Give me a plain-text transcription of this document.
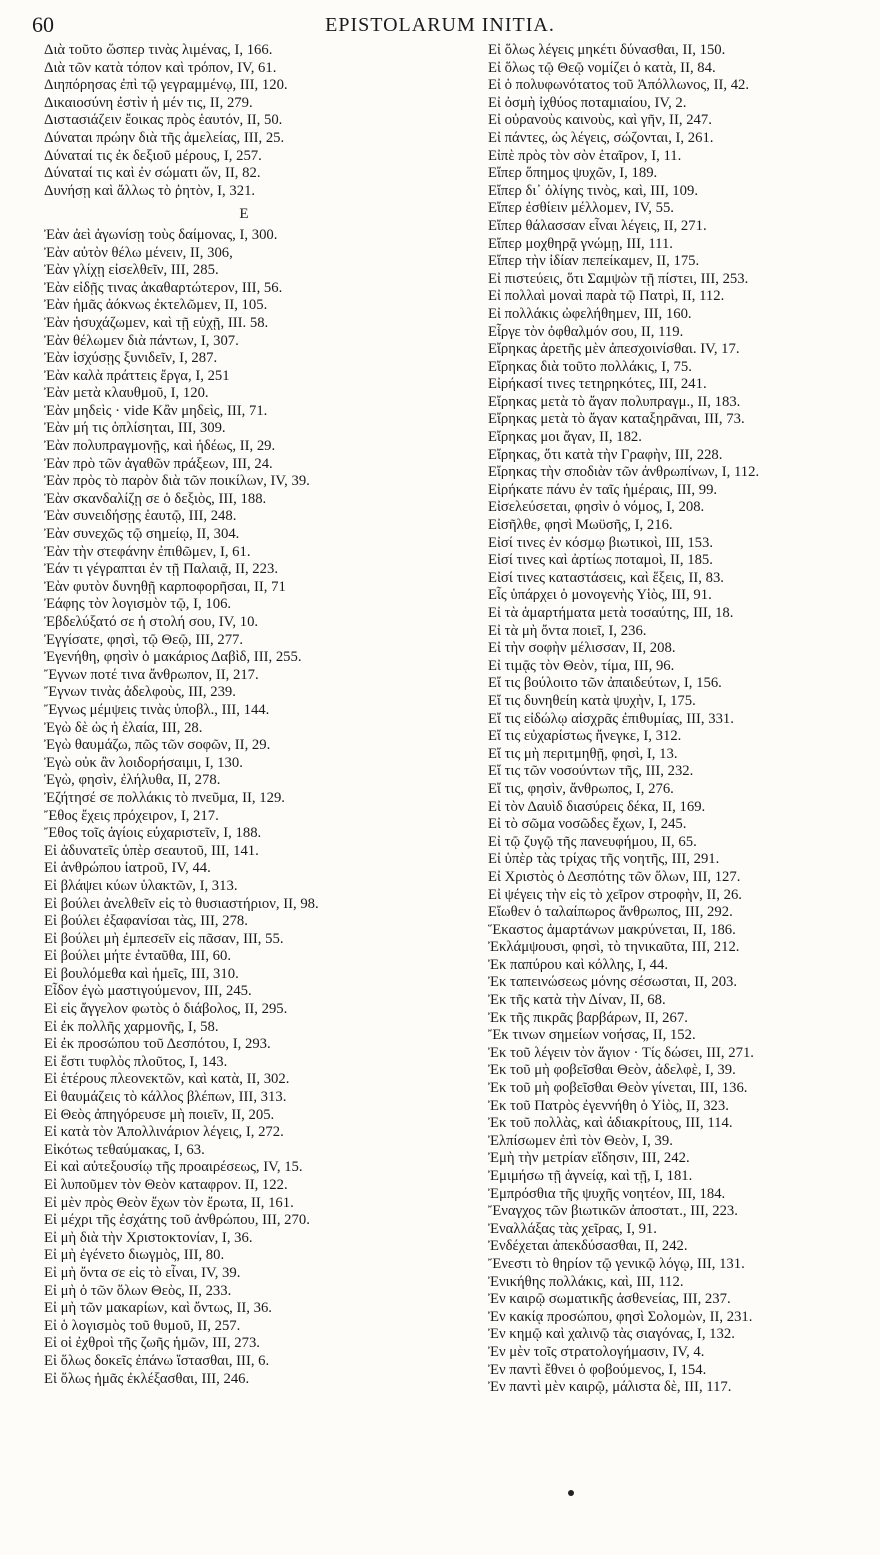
60	EPISTOLARUM INITIA.
Διὰ τοῦτο ὥσπερ τινὰς λιμένας, I, 166.
Διὰ τῶν κατὰ τόπον καὶ τρόπον, IV, 61.
Διηπόρησας ἐπὶ τῷ γεγραμμένῳ, III, 120.
Δικαιοσύνη ἐστὶν ἡ μέν τις, II, 279.
Διστασιάζειν ἔοικας πρὸς ἑαυτόν, II, 50.
Δύναται πρώην διὰ τῆς ἀμελείας, III, 25.
Δύναταί τις ἐκ δεξιοῦ μέρους, I, 257.
Δύναταί τις καὶ ἐν σώματι ὤν, II, 82.
Δυνήσῃ καὶ ἄλλως τὸ ῥητὸν, I, 321.
E
Ἐὰν ἀεὶ ἀγωνίσῃ τοὺς δαίμονας, I, 300.
Ἐὰν αὐτὸν θέλω μένειν, II, 306,
Ἐὰν γλίχῃ εἰσελθεῖν, III, 285.
Ἐὰν εἰδῇς τινας ἀκαθαρτώτερον, III, 56.
Ἐὰν ἡμᾶς ἀόκνως ἐκτελῶμεν, II, 105.
Ἐὰν ἡσυχάζωμεν, καὶ τῇ εὐχῇ, III. 58.
Ἐὰν θέλωμεν διὰ πάντων, I, 307.
Ἐὰν ἰσχύσῃς ξυνιδεῖν, I, 287.
Ἐὰν καλὰ πράττεις ἔργα, I, 251
Ἐὰν μετὰ κλαυθμοῦ, I, 120.
Ἐὰν μηδεὶς · vide Κἂν μηδεὶς, III, 71.
Ἐὰν μή τις ὁπλίσηται, III, 309.
Ἐὰν πολυπραγμονῇς, καὶ ἡδέως, II, 29.
Ἐὰν πρὸ τῶν ἀγαθῶν πράξεων, III, 24.
Ἐὰν πρὸς τὸ παρὸν διὰ τῶν ποικίλων, IV, 39.
Ἐὰν σκανδαλίζῃ σε ὁ δεξιὸς, III, 188.
Ἐὰν συνειδήσῃς ἑαυτῷ, III, 248.
Ἐὰν συνεχῶς τῷ σημείῳ, II, 304.
Ἐὰν τὴν στεφάνην ἐπιθῶμεν, I, 61.
Ἐάν τι γέγραπται ἐν τῇ Παλαιᾷ, II, 223.
Ἐὰν φυτὸν δυνηθῇ καρποφορῆσαι, II, 71
Ἐάφης τὸν λογισμὸν τῷ, I, 106.
Ἐβδελύξατό σε ἡ στολή σου, IV, 10.
Ἐγγίσατε, φησὶ, τῷ Θεῷ, III, 277.
Ἐγενήθη, φησὶν ὁ μακάριος Δαβὶδ, III, 255.
Ἔγνων ποτέ τινα ἄνθρωπον, II, 217.
Ἔγνων τινὰς ἀδελφοὺς, III, 239.
Ἔγνως μέμψεις τινὰς ὑποβλ., III, 144.
Ἐγὼ δὲ ὡς ἡ ἐλαία, III, 28.
Ἐγὼ θαυμάζω, πῶς τῶν σοφῶν, II, 29.
Ἐγὼ οὐκ ἂν λοιδορήσαιμι, I, 130.
Ἐγὼ, φησὶν, ἐλήλυθα, II, 278.
Ἐζήτησέ σε πολλάκις τὸ πνεῦμα, II, 129.
Ἔθος ἔχεις πρόχειρον, I, 217.
Ἔθος τοῖς ἁγίοις εὐχαριστεῖν, I, 188.
Εἰ ἀδυνατεῖς ὑπὲρ σεαυτοῦ, III, 141.
Εἰ ἀνθρώπου ἰατροῦ, IV, 44.
Εἰ βλάψει κύων ὑλακτῶν, I, 313.
Εἰ βούλει ἀνελθεῖν εἰς τὸ θυσιαστήριον, II, 98.
Εἰ βούλει ἐξαφανίσαι τὰς, III, 278.
Εἰ βούλει μὴ ἐμπεσεῖν εἰς πᾶσαν, III, 55.
Εἰ βούλει μήτε ἐνταῦθα, III, 60.
Εἰ βουλόμεθα καὶ ἡμεῖς, III, 310.
Εἶδον ἐγὼ μαστιγούμενον, III, 245.
Εἰ εἰς ἄγγελον φωτὸς ὁ διάβολος, II, 295.
Εἰ ἐκ πολλῆς χαρμονῆς, I, 58.
Εἰ ἐκ προσώπου τοῦ Δεσπότου, I, 293.
Εἰ ἔστι τυφλὸς πλοῦτος, I, 143.
Εἰ ἑτέρους πλεονεκτῶν, καὶ κατὰ, II, 302.
Εἰ θαυμάζεις τὸ κάλλος βλέπων, III, 313.
Εἰ Θεὸς ἀπηγόρευσε μὴ ποιεῖν, II, 205.
Εἰ κατὰ τὸν Ἀπολλινάριον λέγεις, I, 272.
Εἰκότως τεθαύμακας, I, 63.
Εἰ καὶ αὐτεξουσίῳ τῆς προαιρέσεως, IV, 15.
Εἰ λυποῦμεν τὸν Θεὸν καταφρον. II, 122.
Εἰ μὲν πρὸς Θεὸν ἔχων τὸν ἔρωτα, II, 161.
Εἰ μέχρι τῆς ἐσχάτης τοῦ ἀνθρώπου, III, 270.
Εἰ μὴ διὰ τὴν Χριστοκτονίαν, I, 36.
Εἰ μὴ ἐγένετο διωγμὸς, III, 80.
Εἰ μὴ ὄντα σε εἰς τὸ εἶναι, IV, 39.
Εἰ μὴ ὁ τῶν ὅλων Θεὸς, II, 233.
Εἰ μὴ τῶν μακαρίων, καὶ ὄντως, II, 36.
Εἰ ὁ λογισμὸς τοῦ θυμοῦ, II, 257.
Εἰ οἱ ἐχθροὶ τῆς ζωῆς ἡμῶν, III, 273.
Εἰ ὅλως δοκεῖς ἐπάνω ἵστασθαι, III, 6.
Εἰ ὅλως ἡμᾶς ἐκλέξασθαι, III, 246.
Εἰ ὅλως λέγεις μηκέτι δύνασθαι, II, 150.
Εἰ ὅλως τῷ Θεῷ νομίζει ὁ κατὰ, II, 84.
Εἰ ὁ πολυφωνότατος τοῦ Ἀπόλλωνος, II, 42.
Εἰ ὀσμὴ ἰχθύος ποταμιαίου, IV, 2.
Εἰ οὐρανοὺς καινοὺς, καὶ γῆν, II, 247.
Εἰ πάντες, ὡς λέγεις, σώζονται, I, 261.
Εἰπὲ πρὸς τὸν σὸν ἑταῖρον, I, 11.
Εἴπερ ὅπημος ψυχῶν, I, 189.
Εἴπερ δι᾽ ὀλίγης τινὸς, καὶ, III, 109.
Εἴπερ ἐσθίειν μέλλομεν, IV, 55.
Εἴπερ θάλασσαν εἶναι λέγεις, II, 271.
Εἴπερ μοχθηρᾷ γνώμῃ, III, 111.
Εἴπερ τὴν ἰδίαν πεπείκαμεν, II, 175.
Εἰ πιστεύεις, ὅτι Σαμψὼν τῇ πίστει, III, 253.
Εἰ πολλαὶ μοναὶ παρὰ τῷ Πατρὶ, II, 112.
Εἰ πολλάκις ὠφελήθημεν, III, 160.
Εἷργε τὸν ὀφθαλμόν σου, II, 119.
Εἴρηκας ἀρετῆς μὲν ἀπεσχοινίσθαι. IV, 17.
Εἴρηκας διὰ τοῦτο πολλάκις, I, 75.
Εἰρήκασί τινες τετηρηκότες, III, 241.
Εἴρηκας μετὰ τὸ ἄγαν πολυπραγμ., II, 183.
Εἴρηκας μετὰ τὸ ἄγαν καταξηρᾶναι, III, 73.
Εἴρηκας μοι ἄγαν, II, 182.
Εἴρηκας, ὅτι κατὰ τὴν Γραφὴν, III, 228.
Εἴρηκας τὴν σποδιὰν τῶν ἀνθρωπίνων, I, 112.
Εἰρήκατε πάνυ ἐν ταῖς ἡμέραις, III, 99.
Εἰσελεύσεται, φησὶν ὁ νόμος, I, 208.
Εἰσῆλθε, φησὶ Μωϋσῆς, I, 216.
Εἰσί τινες ἐν κόσμῳ βιωτικοὶ, III, 153.
Εἰσί τινες καὶ ἀρτίως ποταμοὶ, II, 185.
Εἰσί τινες καταστάσεις, καὶ ἕξεις, II, 83.
Εἷς ὑπάρχει ὁ μονογενὴς Υἱὸς, III, 91.
Εἰ τὰ ἁμαρτήματα μετὰ τοσαύτης, III, 18.
Εἰ τὰ μὴ ὄντα ποιεῖ, I, 236.
Εἰ τὴν σοφὴν μέλισσαν, II, 208.
Εἰ τιμᾷς τὸν Θεὸν, τίμα, III, 96.
Εἴ τις βούλοιτο τῶν ἀπαιδεύτων, I, 156.
Εἴ τις δυνηθείη κατὰ ψυχὴν, I, 175.
Εἴ τις εἰδώλῳ αἰσχρᾶς ἐπιθυμίας, III, 331.
Εἴ τις εὐχαρίστως ἤνεγκε, I, 312.
Εἴ τις μὴ περιτμηθῇ, φησὶ, I, 13.
Εἴ τις τῶν νοσούντων τῆς, III, 232.
Εἴ τις, φησὶν, ἄνθρωπος, I, 276.
Εἰ τὸν Δαυὶδ διασύρεις δέκα, II, 169.
Εἰ τὸ σῶμα νοσῶδες ἔχων, I, 245.
Εἰ τῷ ζυγῷ τῆς πανευφήμου, II, 65.
Εἰ ὑπὲρ τὰς τρίχας τῆς νοητῆς, III, 291.
Εἰ Χριστὸς ὁ Δεσπότης τῶν ὅλων, III, 127.
Εἰ ψέγεις τὴν εἰς τὸ χεῖρον στροφὴν, II, 26.
Εἴωθεν ὁ ταλαίπωρος ἄνθρωπος, III, 292.
Ἕκαστος ἁμαρτάνων μακρύνεται, II, 186.
Ἐκλάμψουσι, φησὶ, τὸ τηνικαῦτα, III, 212.
Ἐκ παπύρου καὶ κόλλης, I, 44.
Ἐκ ταπεινώσεως μόνης σέσωσται, II, 203.
Ἐκ τῆς κατὰ τὴν Δίναν, II, 68.
Ἐκ τῆς πικρᾶς βαρβάρων, II, 267.
Ἔκ τινων σημείων νοήσας, II, 152.
Ἐκ τοῦ λέγειν τὸν ἅγιον · Τίς δώσει, III, 271.
Ἐκ τοῦ μὴ φοβεῖσθαι Θεὸν, ἀδελφὲ, I, 39.
Ἐκ τοῦ μὴ φοβεῖσθαι Θεὸν γίνεται, III, 136.
Ἐκ τοῦ Πατρὸς ἐγεννήθη ὁ Υἱὸς, II, 323.
Ἐκ τοῦ πολλὰς, καὶ ἀδιακρίτους, III, 114.
Ἐλπίσωμεν ἐπὶ τὸν Θεὸν, I, 39.
Ἐμὴ τὴν μετρίαν εἴδησιν, III, 242.
Ἐμιμήσω τῇ ἁγνείᾳ, καὶ τῇ, I, 181.
Ἐμπρόσθια τῆς ψυχῆς νοητέον, III, 184.
Ἔναγχος τῶν βιωτικῶν ἀποστατ., III, 223.
Ἐναλλάξας τὰς χεῖρας, I, 91.
Ἐνδέχεται ἀπεκδύσασθαι, II, 242.
Ἔνεστι τὸ θηρίον τῷ γενικῷ λόγῳ, III, 131.
Ἐνικήθης πολλάκις, καὶ, III, 112.
Ἐν καιρῷ σωματικῆς ἀσθενείας, III, 237.
Ἐν κακίᾳ προσώπου, φησὶ Σολομὼν, II, 231.
Ἐν κημῷ καὶ χαλινῷ τὰς σιαγόνας, I, 132.
Ἐν μὲν τοῖς στρατολογήμασιν, IV, 4.
Ἐν παντὶ ἔθνει ὁ φοβούμενος, I, 154.
Ἐν παντὶ μὲν καιρῷ, μάλιστα δὲ, III, 117.
